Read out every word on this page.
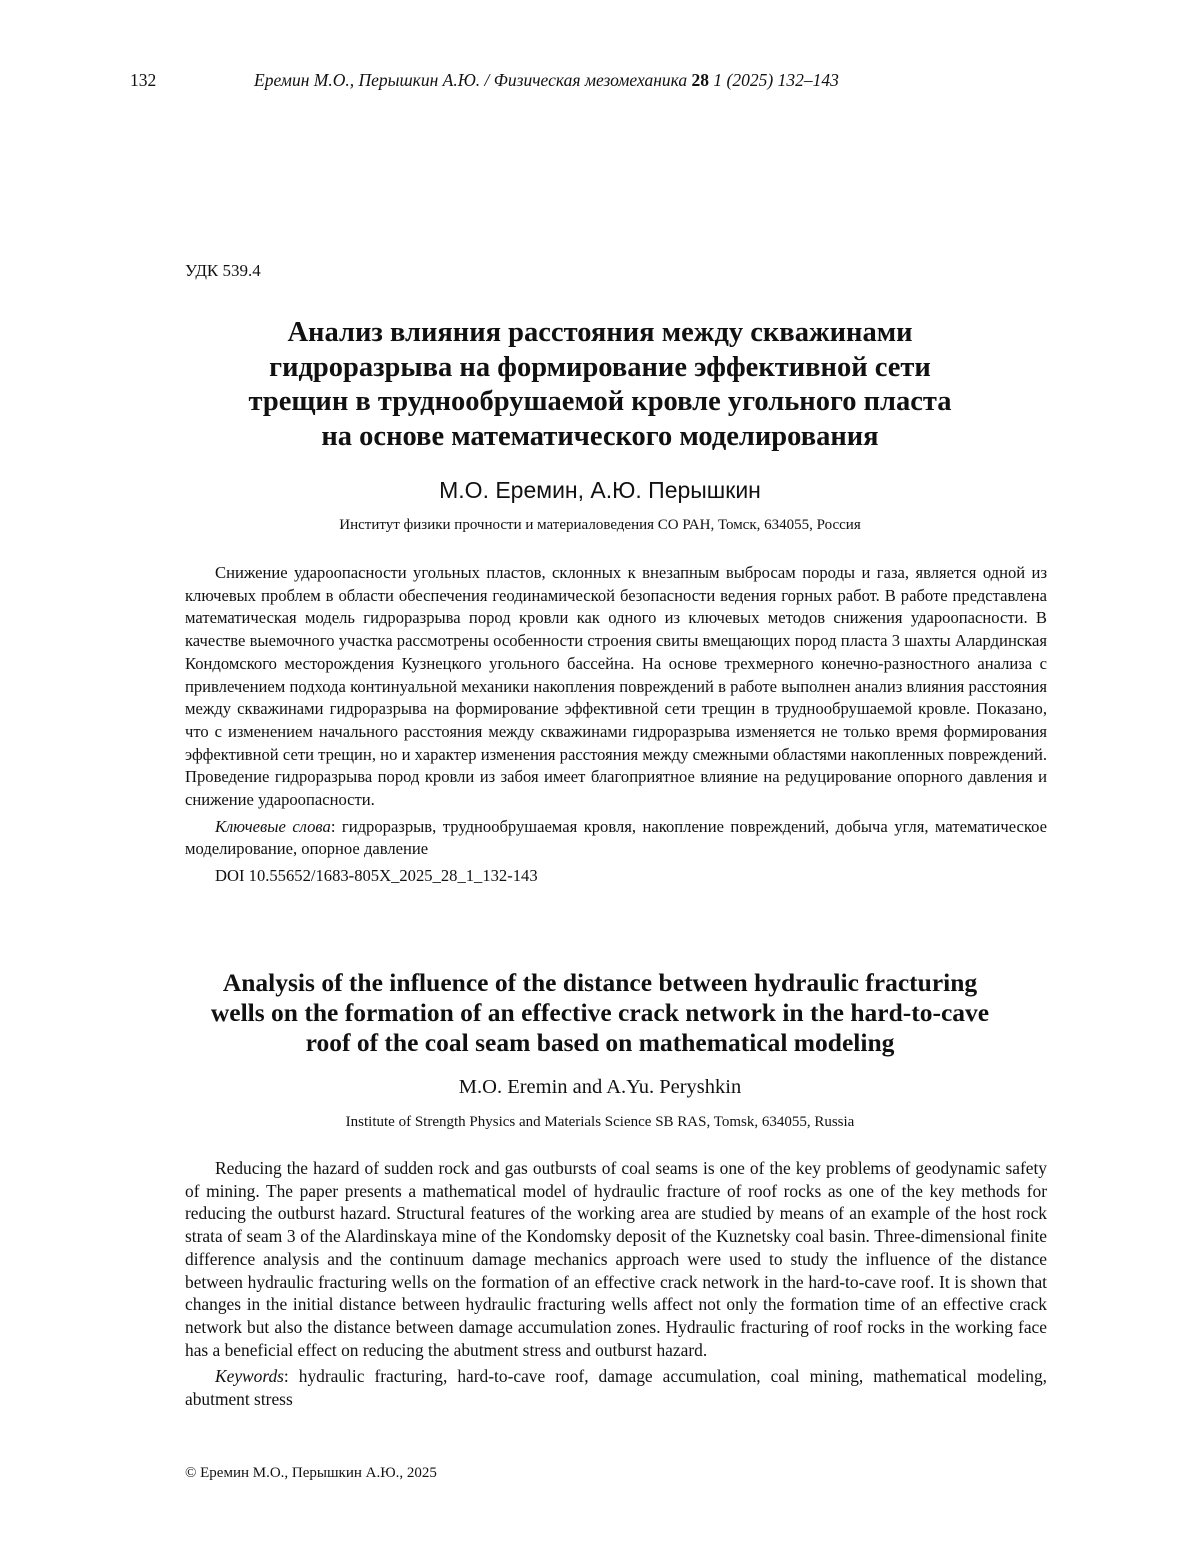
132	Еремин М.О., Перышкин А.Ю. / Физическая мезомеханика 28 1 (2025) 132–143
УДК 539.4
Анализ влияния расстояния между скважинами
гидроразрыва на формирование эффективной сети
трещин в труднообрушаемой кровле угольного пласта
на основе математического моделирования

М.О. Еремин, А.Ю. Перышкин

Институт физики прочности и материаловедения СО РАН, Томск, 634055, Россия

Снижение удароопасности угольных пластов, склонных к внезапным выбросам породы и газа, является одной из ключевых проблем в области обеспечения геодинамической безопасности ведения горных работ. В работе представлена математическая модель гидроразрыва пород кровли как одного из ключевых методов снижения удароопасности. В качестве выемочного участка рассмотрены особенности строения свиты вмещающих пород пласта 3 шахты Алардинская Кондомского месторождения Кузнецкого угольного бассейна. На основе трехмерного конечно-разностного анализа с привлечением подхода континуальной механики накопления повреждений в работе выполнен анализ влияния расстояния между скважинами гидроразрыва на формирование эффективной сети трещин в труднообрушаемой кровле. Показано, что с изменением начального расстояния между скважинами гидроразрыва изменяется не только время формирования эффективной сети трещин, но и характер изменения расстояния между смежными областями накопленных повреждений. Проведение гидроразрыва пород кровли из забоя имеет благоприятное влияние на редуцирование опорного давления и снижение удароопасности.

Ключевые слова: гидроразрыв, труднообрушаемая кровля, накопление повреждений, добыча угля, математическое моделирование, опорное давление

DOI 10.55652/1683-805X_2025_28_1_132-143

Analysis of the influence of the distance between hydraulic fracturing
wells on the formation of an effective crack network in the hard-to-cave
roof of the coal seam based on mathematical modeling

M.O. Eremin and A.Yu. Peryshkin

Institute of Strength Physics and Materials Science SB RAS, Tomsk, 634055, Russia

Reducing the hazard of sudden rock and gas outbursts of coal seams is one of the key problems of geodynamic safety of mining. The paper presents a mathematical model of hydraulic fracture of roof rocks as one of the key methods for reducing the outburst hazard. Structural features of the working area are studied by means of an example of the host rock strata of seam 3 of the Alardinskaya mine of the Kondomsky deposit of the Kuznetsky coal basin. Three-dimensional finite difference analysis and the continuum damage mechanics approach were used to study the influence of the distance between hydraulic fracturing wells on the formation of an effective crack network in the hard-to-cave roof. It is shown that changes in the initial distance between hydraulic fracturing wells affect not only the formation time of an effective crack network but also the distance between damage accumulation zones. Hydraulic fracturing of roof rocks in the working face has a beneficial effect on reducing the abutment stress and outburst hazard.

Keywords: hydraulic fracturing, hard-to-cave roof, damage accumulation, coal mining, mathematical modeling, abutment stress

© Еремин М.О., Перышкин А.Ю., 2025
